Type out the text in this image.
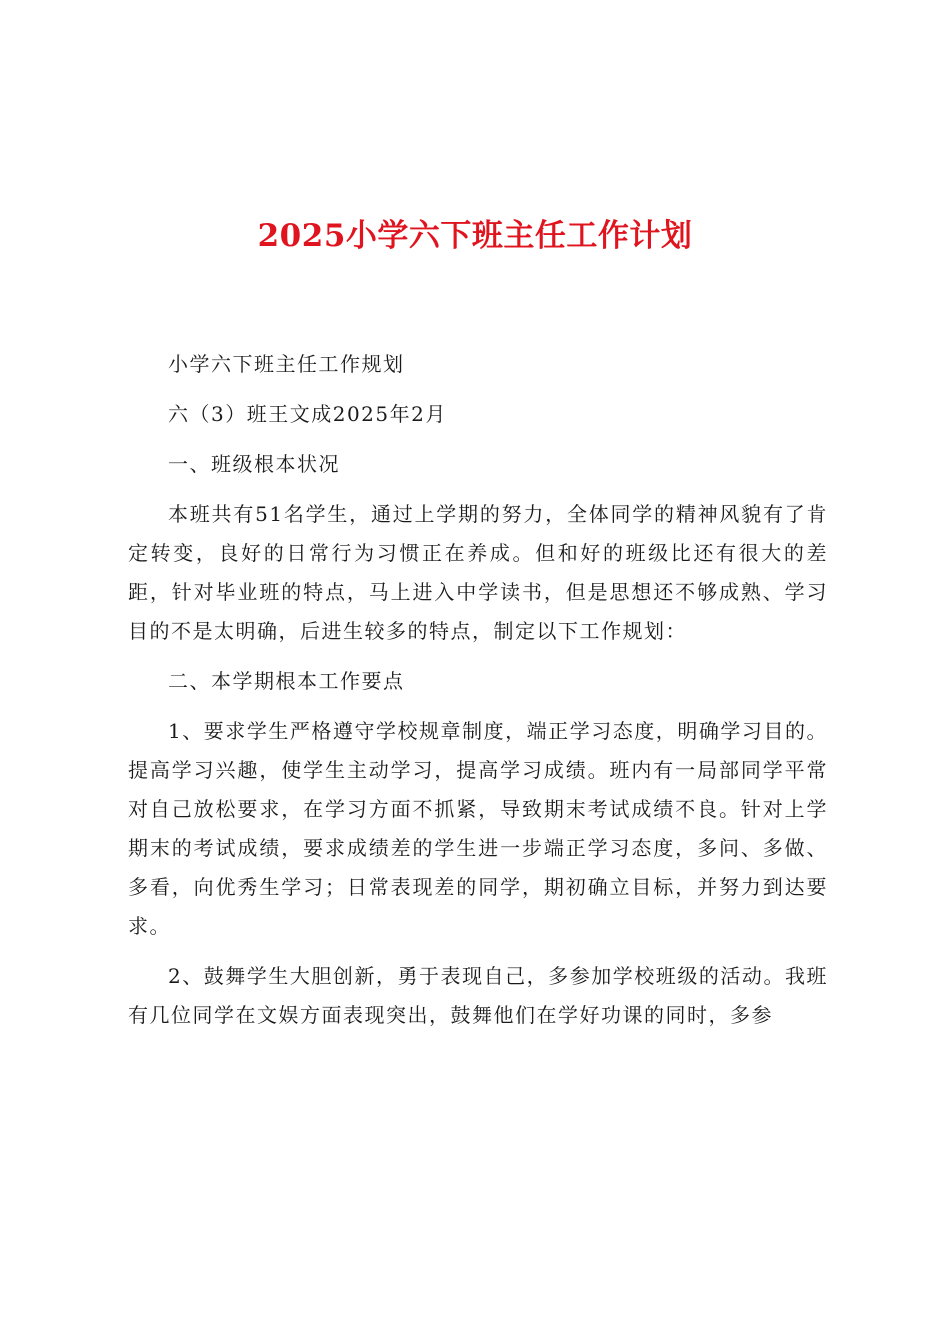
2025小学六下班主任工作计划

小学六下班主任工作规划

六（3）班王文成2025年2月

一、班级根本状况

本班共有51名学生，通过上学期的努力，全体同学的精神风貌有了肯定转变，良好的日常行为习惯正在养成。但和好的班级比还有很大的差距，针对毕业班的特点，马上进入中学读书，但是思想还不够成熟、学习目的不是太明确，后进生较多的特点，制定以下工作规划：

二、本学期根本工作要点

1、要求学生严格遵守学校规章制度，端正学习态度，明确学习目的。提高学习兴趣，使学生主动学习，提高学习成绩。班内有一局部同学平常对自己放松要求，在学习方面不抓紧，导致期末考试成绩不良。针对上学期末的考试成绩，要求成绩差的学生进一步端正学习态度，多问、多做、多看，向优秀生学习；日常表现差的同学，期初确立目标，并努力到达要求。

2、鼓舞学生大胆创新，勇于表现自己，多参加学校班级的活动。我班有几位同学在文娱方面表现突出，鼓舞他们在学好功课的同时，多参
